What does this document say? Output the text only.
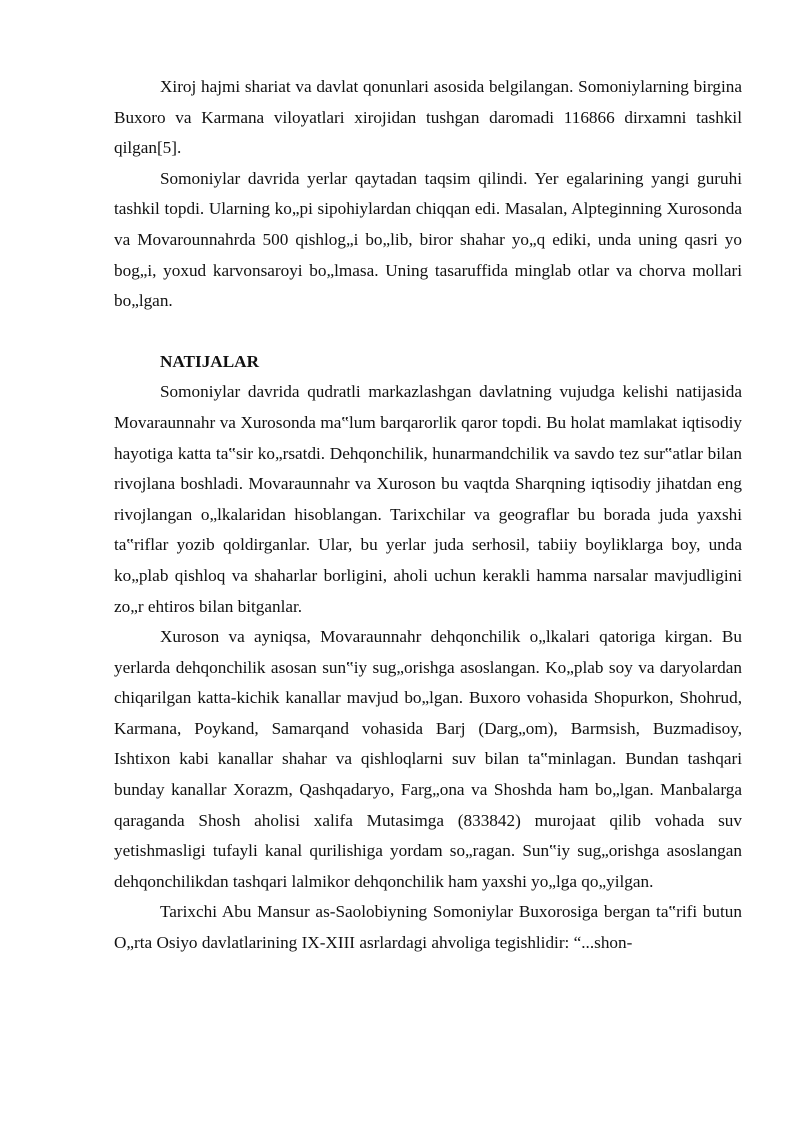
Xiroj hajmi shariat va davlat qonunlari asosida belgilangan. Somoniylarning birgina Buxoro va Karmana viloyatlari xirojidan tushgan daromadi 116866 dirxamni tashkil qilgan[5].

Somoniylar davrida yerlar qaytadan taqsim qilindi. Yer egalarining yangi guruhi tashkil topdi. Ularning ko„pi sipohiylardan chiqqan edi. Masalan, Alpteginning Xurosonda va Movarounnahrda 500 qishlog„i bo„lib, biror shahar yo„q ediki, unda uning qasri yo bog„i, yoxud karvonsaroyi bo„lmasa. Uning tasaruffida minglab otlar va chorva mollari bo„lgan.

NATIJALAR

Somoniylar davrida qudratli markazlashgan davlatning vujudga kelishi natijasida Movaraunnahr va Xurosonda ma‟lum barqarorlik qaror topdi. Bu holat mamlakat iqtisodiy hayotiga katta ta‟sir ko„rsatdi. Dehqonchilik, hunarmandchilik va savdo tez sur‟atlar bilan rivojlana boshladi. Movaraunnahr va Xuroson bu vaqtda Sharqning iqtisodiy jihatdan eng rivojlangan o„lkalaridan hisoblangan. Tarixchilar va geograflar bu borada juda yaxshi ta‟riflar yozib qoldirganlar. Ular, bu yerlar juda serhosil, tabiiy boyliklarga boy, unda ko„plab qishloq va shaharlar borligini, aholi uchun kerakli hamma narsalar mavjudligini zo„r ehtiros bilan bitganlar.

Xuroson va ayniqsa, Movaraunnahr dehqonchilik o„lkalari qatoriga kirgan. Bu yerlarda dehqonchilik asosan sun‟iy sug„orishga asoslangan. Ko„plab soy va daryolardan chiqarilgan katta-kichik kanallar mavjud bo„lgan. Buxoro vohasida Shopurkon, Shohrud, Karmana, Poykand, Samarqand vohasida Barj (Darg„om), Barmsish, Buzmadisoy, Ishtixon kabi kanallar shahar va qishloqlarni suv bilan ta‟minlagan. Bundan tashqari bunday kanallar Xorazm, Qashqadaryo, Farg„ona va Shoshda ham bo„lgan. Manbalarga qaraganda Shosh aholisi xalifa Mutasimga (833842) murojaat qilib vohada suv yetishmasligi tufayli kanal qurilishiga yordam so„ragan. Sun‟iy sug„orishga asoslangan dehqonchilikdan tashqari lalmikor dehqonchilik ham yaxshi yo„lga qo„yilgan.

Tarixchi Abu Mansur as-Saolobiyning Somoniylar Buxorosiga bergan ta‟rifi butun O„rta Osiyo davlatlarining IX-XIII asrlardagi ahvoliga tegishlidir: “...shon-
